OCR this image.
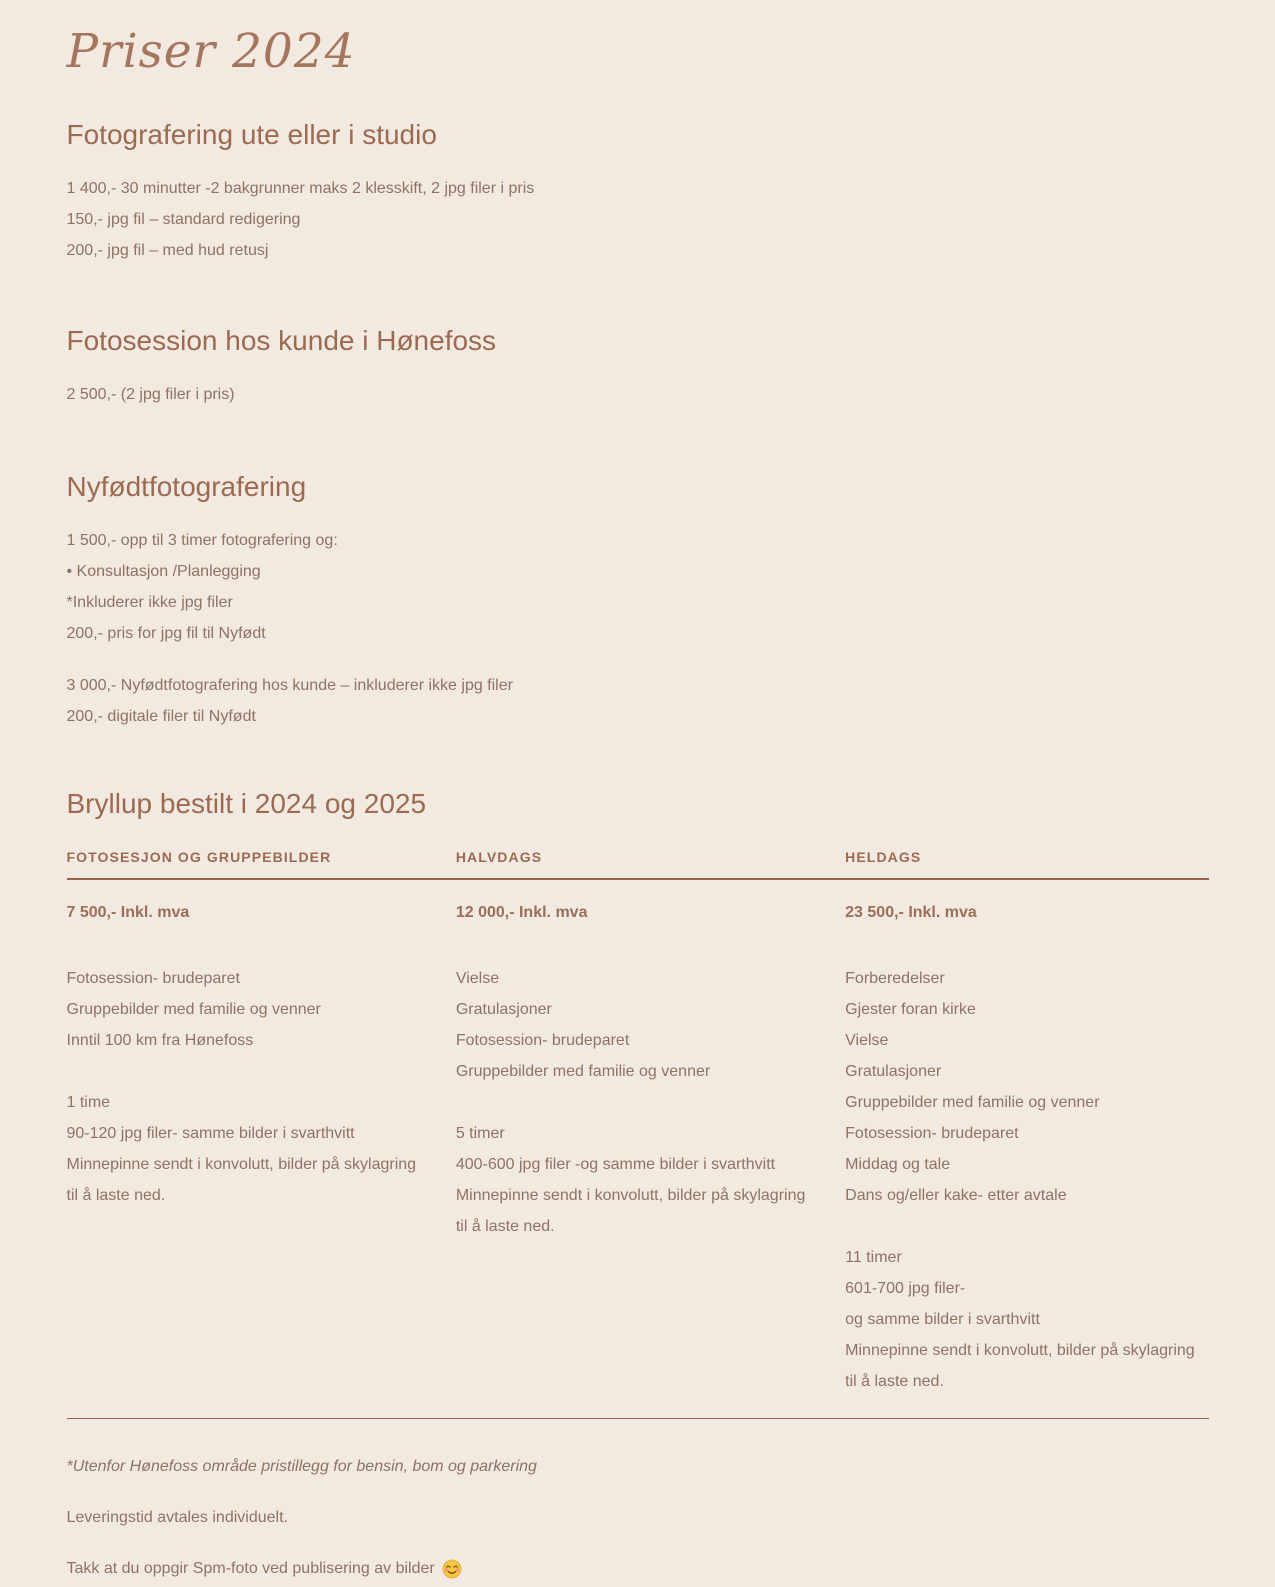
Priser 2024
Fotografering ute eller i studio
1 400,- 30 minutter -2 bakgrunner maks 2 klesskift, 2 jpg filer i pris
150,- jpg fil – standard redigering
200,- jpg fil – med hud retusj
Fotosession hos kunde i Hønefoss
2 500,- (2 jpg filer i pris)
Nyfødtfotografering
1 500,- opp til 3 timer fotografering og:
• Konsultasjon /Planlegging
*Inkluderer ikke jpg filer
200,- pris for jpg fil til Nyfødt
3 000,- Nyfødtfotografering hos kunde – inkluderer ikke jpg filer
200,- digitale filer til Nyfødt
Bryllup bestilt i 2024 og 2025
FOTOSESJON OG GRUPPEBILDER	HALVDAGS	HELDAGS
7 500,- Inkl. mva
Fotosession- brudeparet
Gruppebilder med familie og venner
Inntil 100 km fra Hønefoss
1 time
90-120 jpg filer- samme bilder i svarthvitt
Minnepinne sendt i konvolutt, bilder på skylagring til å laste ned.
12 000,- Inkl. mva
Vielse
Gratulasjoner
Fotosession- brudeparet
Gruppebilder med familie og venner
5 timer
400-600 jpg filer -og samme bilder i svarthvitt
Minnepinne sendt i konvolutt, bilder på skylagring til å laste ned.
23 500,- Inkl. mva
Forberedelser
Gjester foran kirke
Vielse
Gratulasjoner
Gruppebilder med familie og venner
Fotosession- brudeparet
Middag og tale
Dans og/eller kake- etter avtale
11 timer
601-700 jpg filer-
og samme bilder i svarthvitt
Minnepinne sendt i konvolutt, bilder på skylagring til å laste ned.
*Utenfor Hønefoss område pristillegg for bensin, bom og parkering
Leveringstid avtales individuelt.
Takk at du oppgir Spm-foto ved publisering av bilder
